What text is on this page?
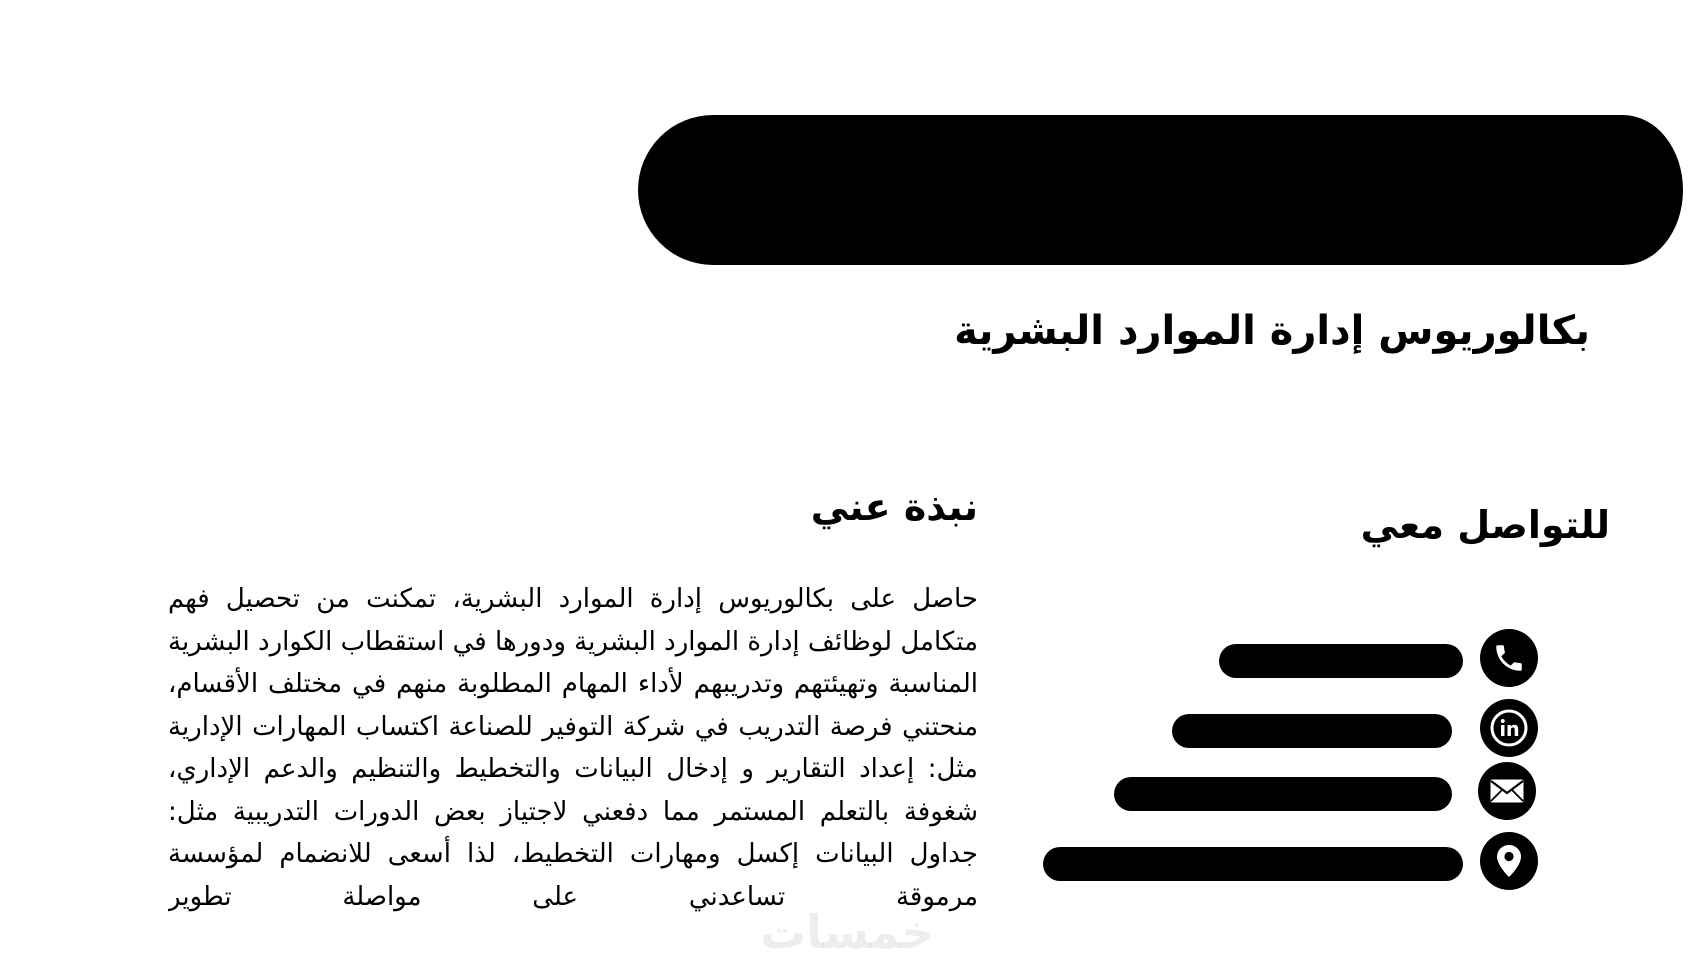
بكالوريوس إدارة الموارد البشرية
نبذة عني

حاصل على بكالوريوس إدارة الموارد البشرية، تمكنت من تحصيل فهم متكامل لوظائف إدارة الموارد البشرية ودورها في استقطاب الكوارد البشرية المناسبة وتهيئتهم وتدريبهم لأداء المهام المطلوبة منهم في مختلف الأقسام، منحتني فرصة التدريب في شركة التوفير للصناعة اكتساب المهارات الإدارية مثل: إعداد التقارير و إدخال البيانات والتخطيط والتنظيم والدعم الإداري، شغوفة بالتعلم المستمر مما دفعني لاجتياز بعض الدورات التدريبية مثل: جداول البيانات إكسل ومهارات التخطيط، لذا أسعى للانضمام لمؤسسة مرموقة تساعدني على مواصلة تطوير

للتواصل معي
خمسات
